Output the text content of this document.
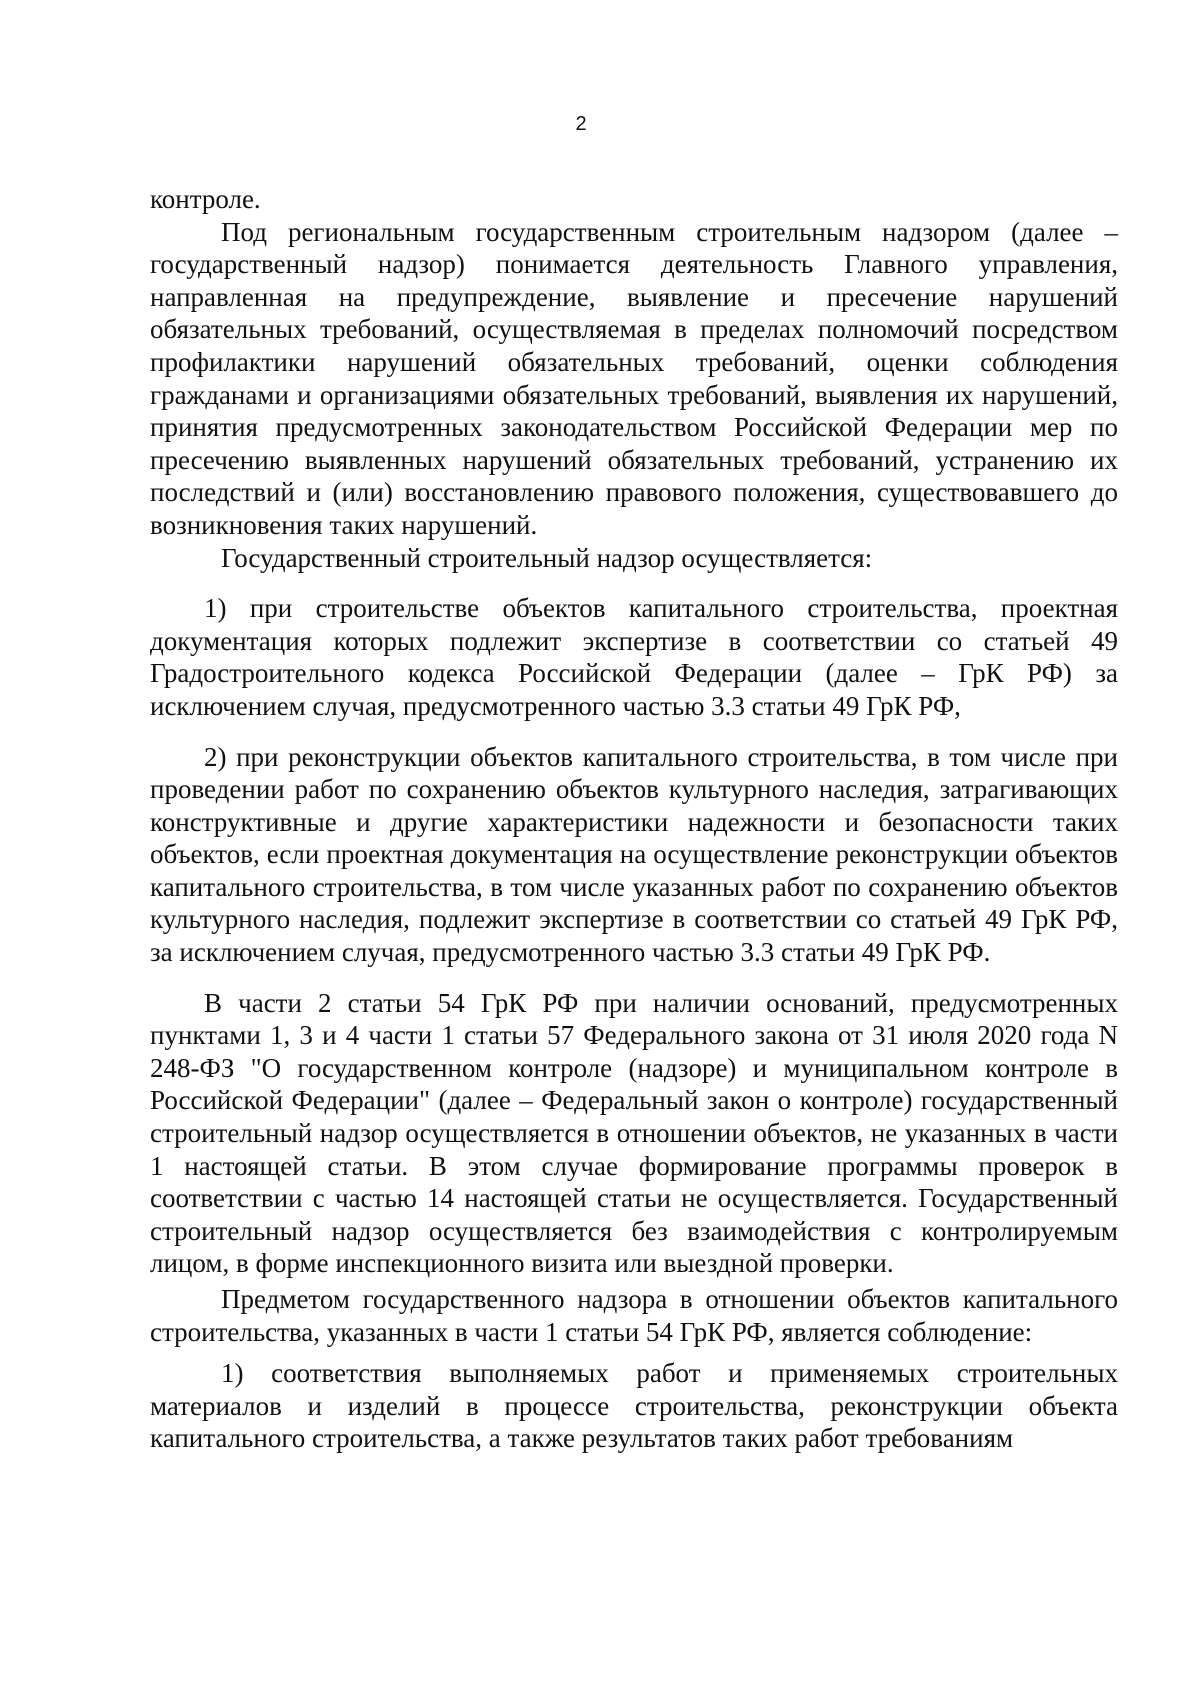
2

контроле.

Под региональным государственным строительным надзором (далее – государственный надзор) понимается деятельность Главного управления, направленная на предупреждение, выявление и пресечение нарушений обязательных требований, осуществляемая в пределах полномочий посредством профилактики нарушений обязательных требований, оценки соблюдения гражданами и организациями обязательных требований, выявления их нарушений, принятия предусмотренных законодательством Российской Федерации мер по пресечению выявленных нарушений обязательных требований, устранению их последствий и (или) восстановлению правового положения, существовавшего до возникновения таких нарушений.

Государственный строительный надзор осуществляется:

1) при строительстве объектов капитального строительства, проектная документация которых подлежит экспертизе в соответствии со статьей 49 Градостроительного кодекса Российской Федерации (далее – ГрК РФ) за исключением случая, предусмотренного частью 3.3 статьи 49 ГрК РФ,

2) при реконструкции объектов капитального строительства, в том числе при проведении работ по сохранению объектов культурного наследия, затрагивающих конструктивные и другие характеристики надежности и безопасности таких объектов, если проектная документация на осуществление реконструкции объектов капитального строительства, в том числе указанных работ по сохранению объектов культурного наследия, подлежит экспертизе в соответствии со статьей 49 ГрК РФ, за исключением случая, предусмотренного частью 3.3 статьи 49 ГрК РФ.

В части 2 статьи 54 ГрК РФ при наличии оснований, предусмотренных пунктами 1, 3 и 4 части 1 статьи 57 Федерального закона от 31 июля 2020 года N 248-ФЗ "О государственном контроле (надзоре) и муниципальном контроле в Российской Федерации" (далее – Федеральный закон о контроле) государственный строительный надзор осуществляется в отношении объектов, не указанных в части 1 настоящей статьи. В этом случае формирование программы проверок в соответствии с частью 14 настоящей статьи не осуществляется. Государственный строительный надзор осуществляется без взаимодействия с контролируемым лицом, в форме инспекционного визита или выездной проверки.

Предметом государственного надзора в отношении объектов капитального строительства, указанных в части 1 статьи 54 ГрК РФ, является соблюдение:

1) соответствия выполняемых работ и применяемых строительных материалов и изделий в процессе строительства, реконструкции объекта капитального строительства, а также результатов таких работ требованиям
